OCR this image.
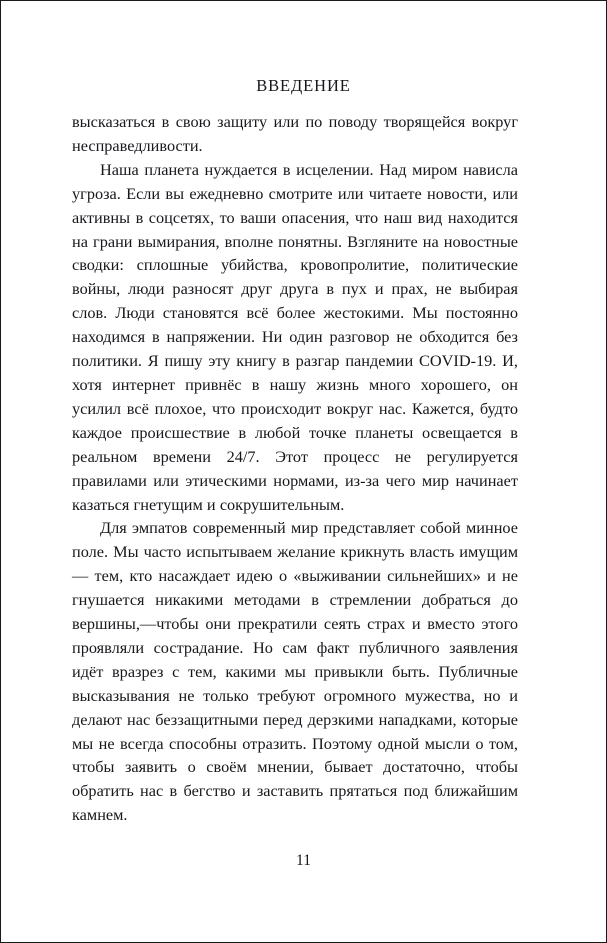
ВВЕДЕНИЕ

высказаться в свою защиту или по поводу творящейся вокруг несправедливости.

Наша планета нуждается в исцелении. Над миром нависла угроза. Если вы ежедневно смотрите или читаете новости, или активны в соцсетях, то ваши опасения, что наш вид находится на грани вымирания, вполне понятны. Взгляните на новостные сводки: сплошные убийства, кровопролитие, политические войны, люди разносят друг друга в пух и прах, не выбирая слов. Люди становятся всё более жестокими. Мы постоянно находимся в напряжении. Ни один разговор не обходится без политики. Я пишу эту книгу в разгар пандемии COVID-19. И, хотя интернет привнёс в нашу жизнь много хорошего, он усилил всё плохое, что происходит вокруг нас. Кажется, будто каждое происшествие в любой точке планеты освещается в реальном времени 24/7. Этот процесс не регулируется правилами или этическими нормами, из-за чего мир начинает казаться гнетущим и сокрушительным.

Для эмпатов современный мир представляет собой минное поле. Мы часто испытываем желание крикнуть власть имущим — тем, кто насаждает идею о «выживании сильнейших» и не гнушается никакими методами в стремлении добраться до вершины,—чтобы они прекратили сеять страх и вместо этого проявляли сострадание. Но сам факт публичного заявления идёт вразрез с тем, какими мы привыкли быть. Публичные высказывания не только требуют огромного мужества, но и делают нас беззащитными перед дерзкими нападками, которые мы не всегда способны отразить. Поэтому одной мысли о том, чтобы заявить о своём мнении, бывает достаточно, чтобы обратить нас в бегство и заставить прятаться под ближайшим камнем.

11
